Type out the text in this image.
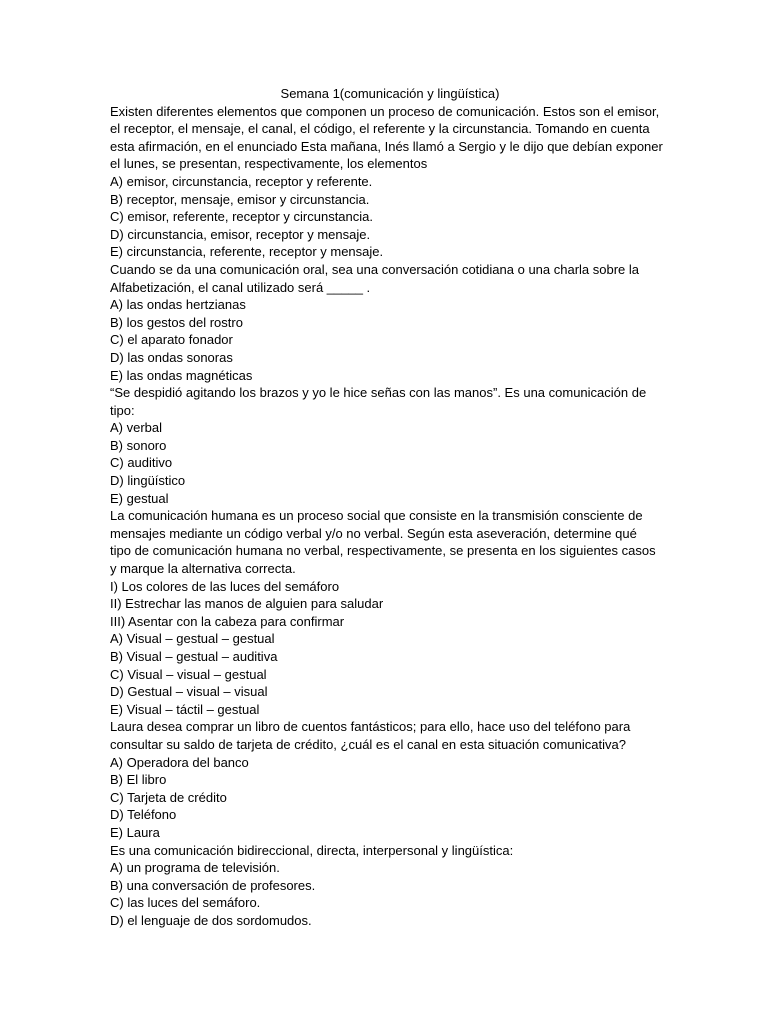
Semana 1(comunicación y lingüística)
Existen diferentes elementos que componen un proceso de comunicación. Estos son el emisor,
el receptor, el mensaje, el canal, el código, el referente y la circunstancia. Tomando en cuenta
esta afirmación, en el enunciado Esta mañana, Inés llamó a Sergio y le dijo que debían exponer
el lunes, se presentan, respectivamente, los elementos
A) emisor, circunstancia, receptor y referente.
B) receptor, mensaje, emisor y circunstancia.
C) emisor, referente, receptor y circunstancia.
D) circunstancia, emisor, receptor y mensaje.
E) circunstancia, referente, receptor y mensaje.
Cuando se da una comunicación oral, sea una conversación cotidiana o una charla sobre la
Alfabetización, el canal utilizado será _____ .
A) las ondas hertzianas
B) los gestos del rostro
C) el aparato fonador
D) las ondas sonoras
E) las ondas magnéticas
“Se despidió agitando los brazos y yo le hice señas con las manos”. Es una comunicación de
tipo:
A) verbal
B) sonoro
C) auditivo
D) lingüístico
E) gestual
La comunicación humana es un proceso social que consiste en la transmisión consciente de
mensajes mediante un código verbal y/o no verbal. Según esta aseveración, determine qué
tipo de comunicación humana no verbal, respectivamente, se presenta en los siguientes casos
y marque la alternativa correcta.
I) Los colores de las luces del semáforo
II) Estrechar las manos de alguien para saludar
III) Asentar con la cabeza para confirmar
A) Visual – gestual – gestual
B) Visual – gestual – auditiva
C) Visual – visual – gestual
D) Gestual – visual – visual
E) Visual – táctil – gestual
Laura desea comprar un libro de cuentos fantásticos; para ello, hace uso del teléfono para
consultar su saldo de tarjeta de crédito, ¿cuál es el canal en esta situación comunicativa?
A) Operadora del banco
B) El libro
C) Tarjeta de crédito
D) Teléfono
E) Laura
Es una comunicación bidireccional, directa, interpersonal y lingüística:
A) un programa de televisión.
B) una conversación de profesores.
C) las luces del semáforo.
D) el lenguaje de dos sordomudos.
